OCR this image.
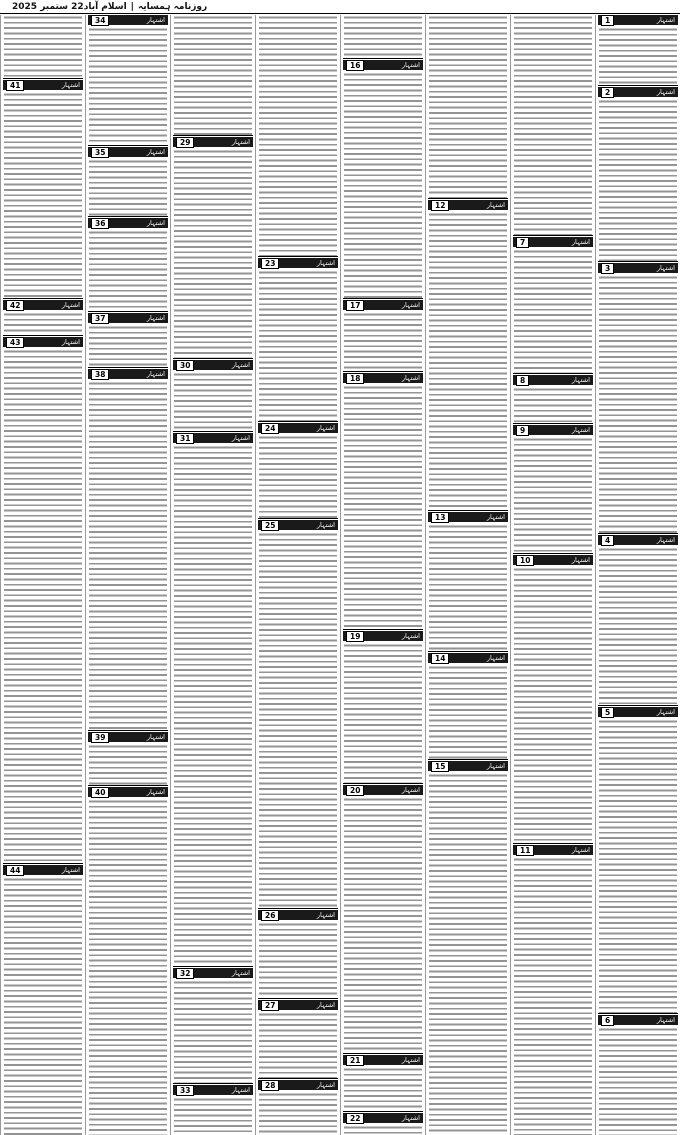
روزنامہ ہمسایہ
|
اسلام آباد
22 ستمبر 2025
1	اشتہار
2	اشتہار
3	اشتہار
4	اشتہار
5	اشتہار
6	اشتہار
7	اشتہار
8	اشتہار
9	اشتہار
10	اشتہار
11	اشتہار
12	اشتہار
13	اشتہار
14	اشتہار
15	اشتہار
16	اشتہار
17	اشتہار
18	اشتہار
19	اشتہار
20	اشتہار
21	اشتہار
22	اشتہار
23	اشتہار
24	اشتہار
25	اشتہار
26	اشتہار
27	اشتہار
28	اشتہار
29	اشتہار
30	اشتہار
31	اشتہار
32	اشتہار
33	اشتہار
34	اشتہار
35	اشتہار
36	اشتہار
37	اشتہار
38	اشتہار
39	اشتہار
40	اشتہار
41	اشتہار
42	اشتہار
43	اشتہار
44	اشتہار
